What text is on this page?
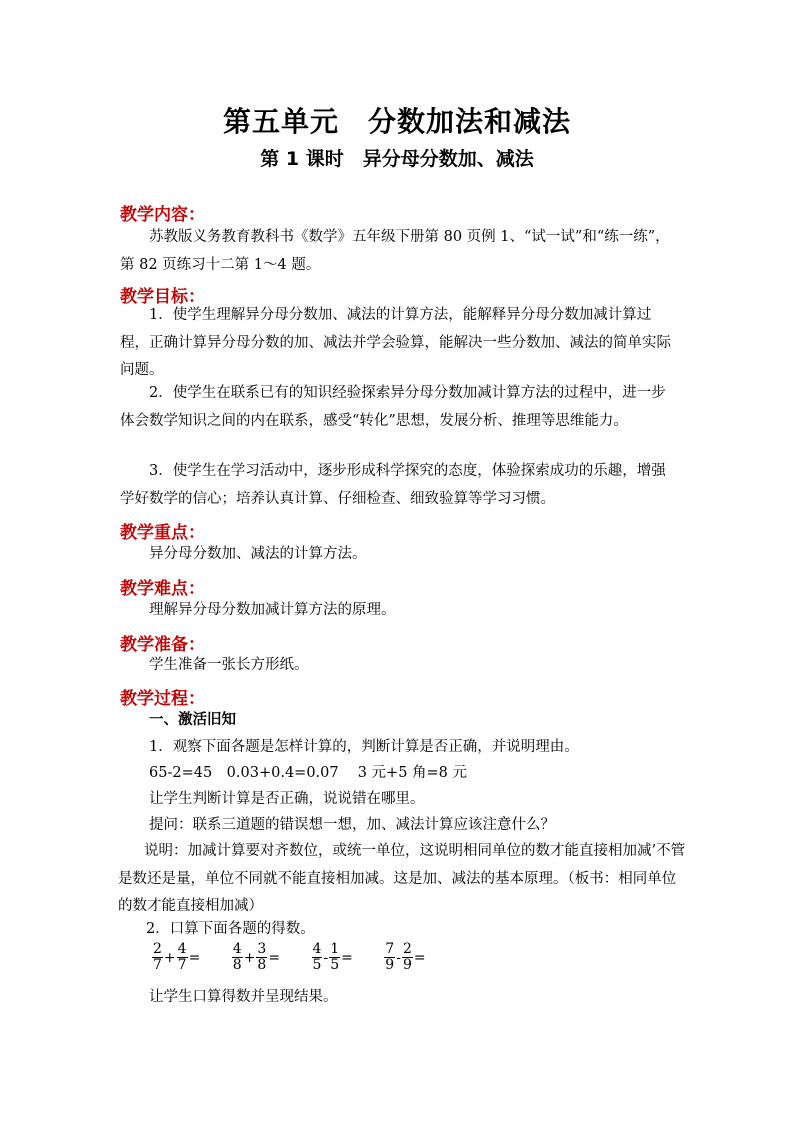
第五单元　分数加法和减法
第 1 课时　异分母分数加、减法
教学内容：
苏教版义务教育教科书《数学》五年级下册第 80 页例 1、“试一试”和“练一练”，第 82 页练习十二第 1～4 题。
教学目标：
1．使学生理解异分母分数加、减法的计算方法，能解释异分母分数加减计算过程，正确计算异分母分数的加、减法并学会验算，能解决一些分数加、减法的简单实际问题。
2．使学生在联系已有的知识经验探索异分母分数加减计算方法的过程中，进一步体会数学知识之间的内在联系，感受“转化”思想，发展分析、推理等思维能力。
3．使学生在学习活动中，逐步形成科学探究的态度，体验探索成功的乐趣，增强学好数学的信心；培养认真计算、仔细检查、细致验算等学习习惯。
教学重点：
异分母分数加、减法的计算方法。
教学难点：
理解异分母分数加减计算方法的原理。
教学准备：
学生准备一张长方形纸。
教学过程：
一、激活旧知
1．观察下面各题是怎样计算的，判断计算是否正确，并说明理由。
65-2=45　0.03+0.4=0.07　 3 元+5 角=8 元
让学生判断计算是否正确，说说错在哪里。
提问：联系三道题的错误想一想，加、减法计算应该注意什么？
说明：加减计算要对齐数位，或统一单位，这说明相同单位的数才能直接相加减’不管是数还是量，单位不同就不能直接相加减。这是加、减法的基本原理。（板书：相同单位的数才能直接相加减）
2．口算下面各题的得数。
$\frac{2}{7} + \frac{4}{7} = \frac{4}{8} + \frac{3}{8} = \frac{4}{5} - \frac{1}{5} = \frac{7}{9} - \frac{2}{9}$ =
让学生口算得数并呈现结果。
